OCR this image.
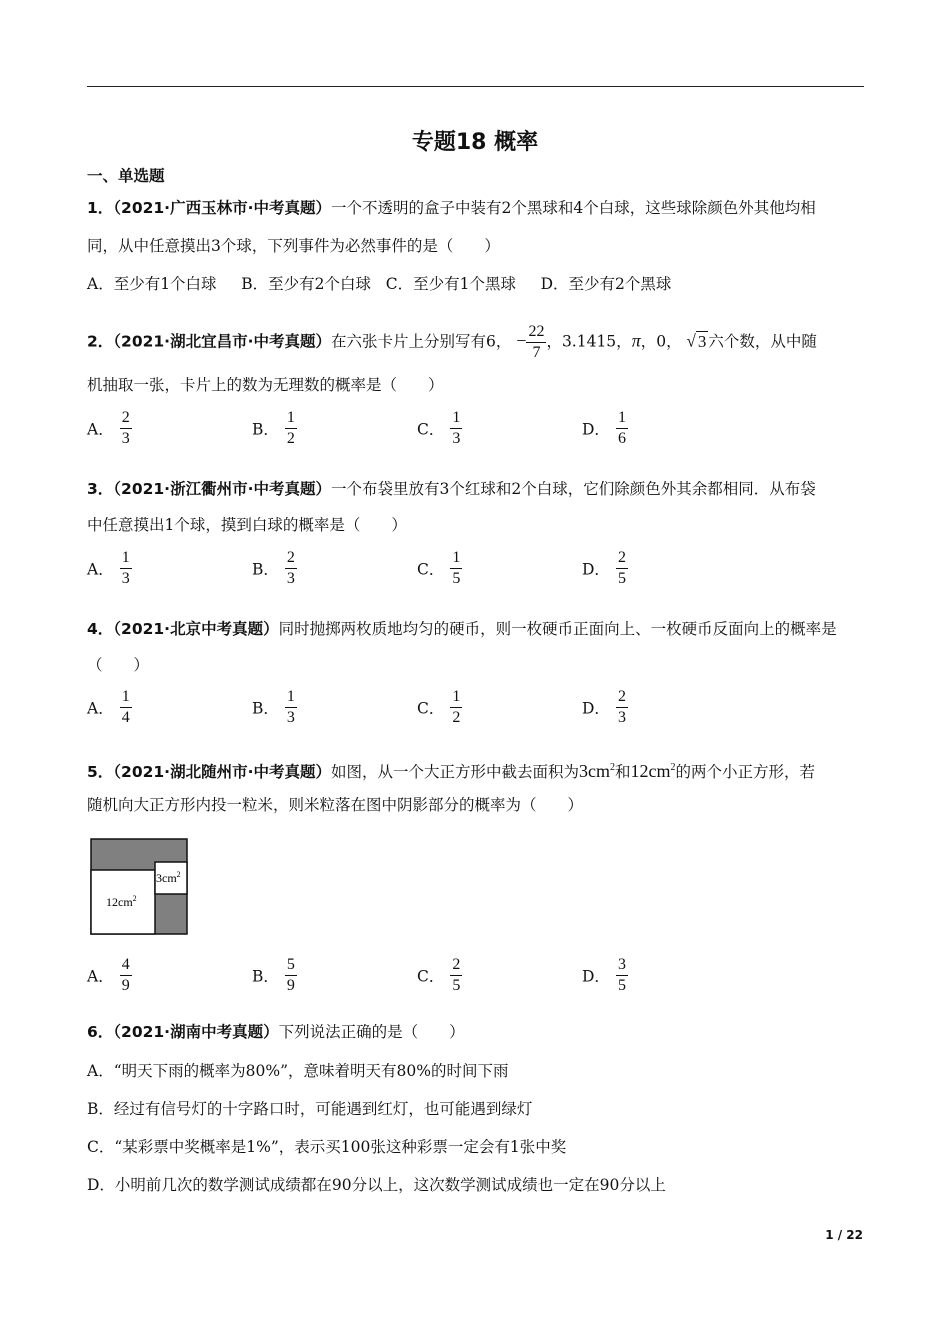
专题18 概率
一、单选题
1．（2021·广西玉林市·中考真题）一个不透明的盒子中装有2个黑球和4个白球，这些球除颜色外其他均相
同，从中任意摸出3个球，下列事件为必然事件的是（　　）
A．至少有1个白球 B．至少有2个白球 C．至少有1个黑球 D．至少有2个黑球
2．（2021·湖北宜昌市·中考真题）在六张卡片上分别写有6， − $\frac{22}{7}$ ，3.1415，π，0， √ 3 六个数，从中随
机抽取一张，卡片上的数为无理数的概率是（　　）
3．（2021·浙江衢州市·中考真题）一个布袋里放有3个红球和2个白球，它们除颜色外其余都相同．从布袋
中任意摸出1个球，摸到白球的概率是（　　）
4．（2021·北京中考真题）同时抛掷两枚质地均匀的硬币，则一枚硬币正面向上、一枚硬币反面向上的概率是
（　　）
5．（2021·湖北随州市·中考真题）如图，从一个大正方形中截去面积为$3cm^2$和$12cm^2$的两个小正方形，若
随机向大正方形内投一粒米，则米粒落在图中阴影部分的概率为（　　）
$12cm^2$
$3cm^2$
6．（2021·湖南中考真题）下列说法正确的是（　　）
A．“明天下雨的概率为80%”，意味着明天有80%的时间下雨
B．经过有信号灯的十字路口时，可能遇到红灯，也可能遇到绿灯
C．“某彩票中奖概率是1%”，表示买100张这种彩票一定会有1张中奖
D．小明前几次的数学测试成绩都在90分以上，这次数学测试成绩也一定在90分以上
1 / 22
A． $\frac{2}{3}$	B． $\frac{1}{2}$	C． $\frac{1}{3}$	D． $\frac{1}{6}$
A． $\frac{1}{3}$	B． $\frac{2}{3}$	C． $\frac{1}{5}$	D． $\frac{2}{5}$
A． $\frac{1}{4}$	B． $\frac{1}{3}$	C． $\frac{1}{2}$	D． $\frac{2}{3}$
A． $\frac{4}{9}$	B． $\frac{5}{9}$	C． $\frac{2}{5}$	D． $\frac{3}{5}$
